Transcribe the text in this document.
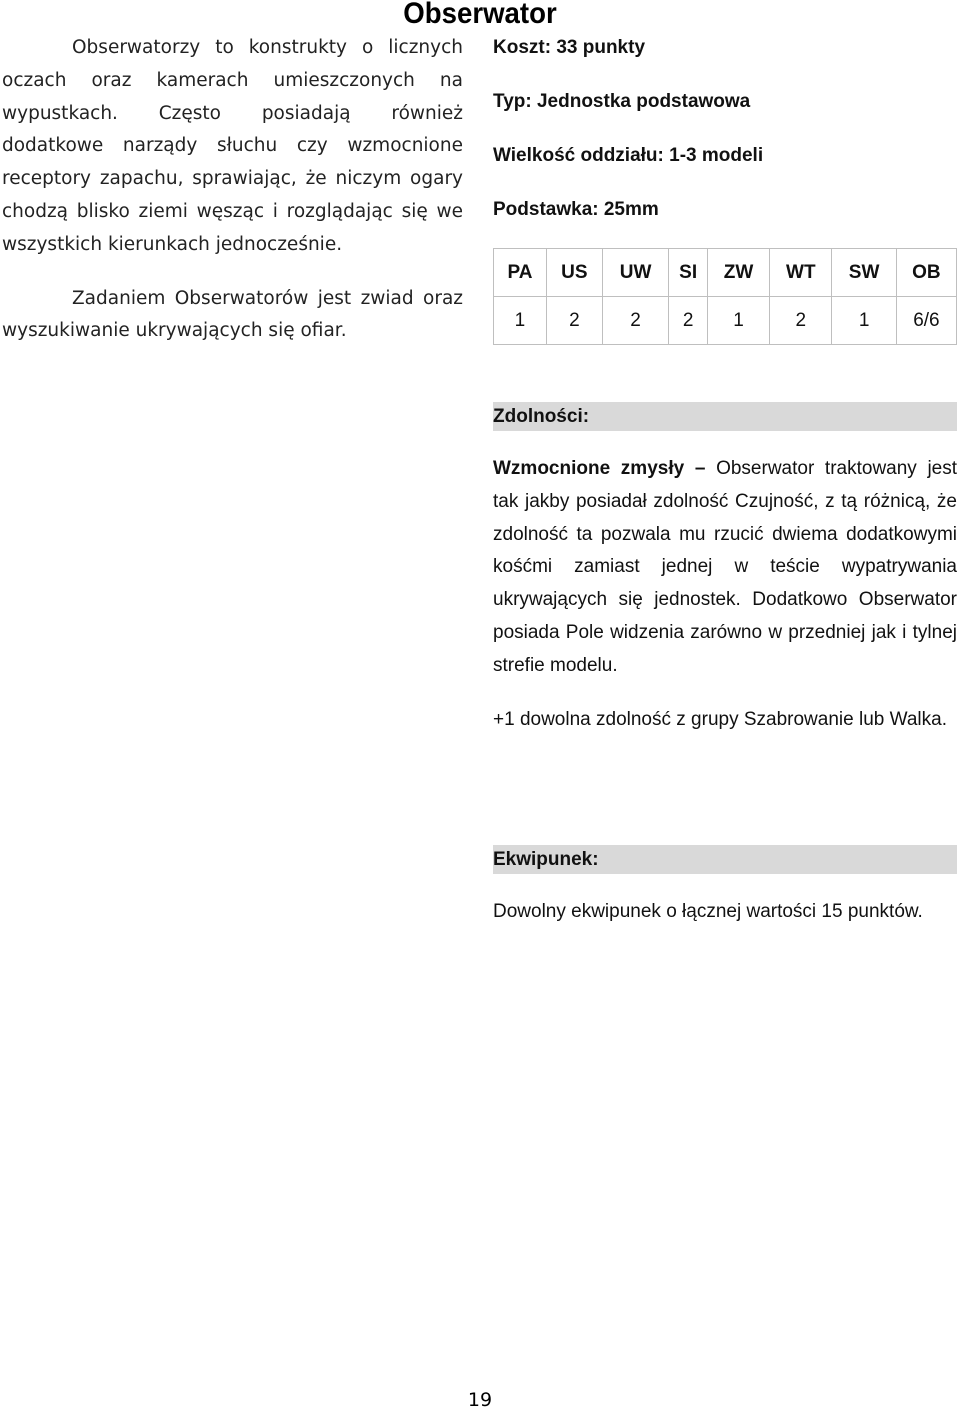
Obserwator

Obserwatorzy to konstrukty o licznych oczach oraz kamerach umieszczonych na wypustkach. Często posiadają również dodatkowe narządy słuchu czy wzmocnione receptory zapachu, sprawiając, że niczym ogary chodzą blisko ziemi węsząc i rozglądając się we wszystkich kierunkach jednocześnie.

Zadaniem Obserwatorów jest zwiad oraz wyszukiwanie ukrywających się ofiar.

Koszt: 33 punkty
Typ: Jednostka podstawowa
Wielkość oddziału: 1-3 modeli
Podstawka: 25mm
PA	US	UW	SI	ZW	WT	SW	OB
1	2	2	2	1	2	1	6/6
Zdolności:

Wzmocnione zmysły – Obserwator traktowany jest tak jakby posiadał zdolność Czujność, z tą różnicą, że zdolność ta pozwala mu rzucić dwiema dodatkowymi kośćmi zamiast jednej w teście wypatrywania ukrywających się jednostek. Dodatkowo Obserwator posiada Pole widzenia zarówno w przedniej jak i tylnej strefie modelu.

+1 dowolna zdolność z grupy Szabrowanie lub Walka.

Ekwipunek:

Dowolny ekwipunek o łącznej wartości 15 punktów.

19
